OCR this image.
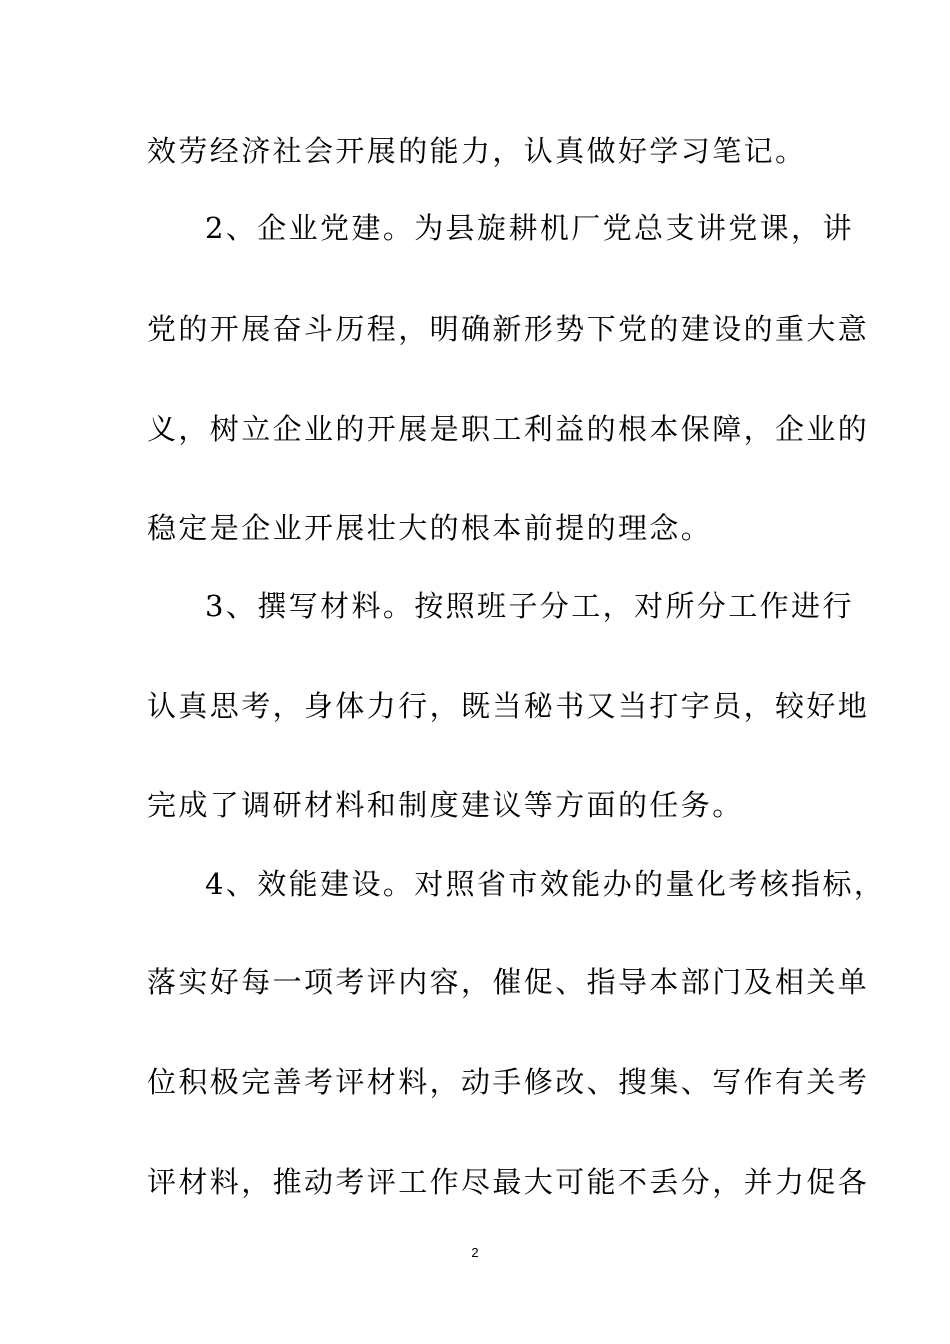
效劳经济社会开展的能力，认真做好学习笔记。
2、企业党建。为县旋耕机厂党总支讲党课，讲
党的开展奋斗历程，明确新形势下党的建设的重大意
义，树立企业的开展是职工利益的根本保障，企业的
稳定是企业开展壮大的根本前提的理念。
3、撰写材料。按照班子分工，对所分工作进行
认真思考，身体力行，既当秘书又当打字员，较好地
完成了调研材料和制度建议等方面的任务。
4、效能建设。对照省市效能办的量化考核指标，
落实好每一项考评内容，催促、指导本部门及相关单
位积极完善考评材料，动手修改、搜集、写作有关考
评材料，推动考评工作尽最大可能不丢分，并力促各
2
